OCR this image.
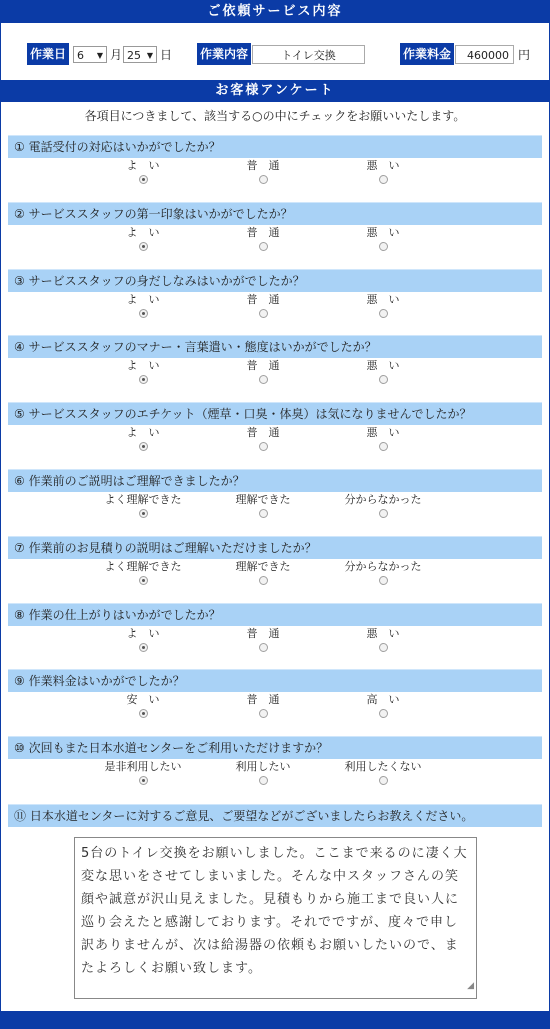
ご依頼サービス内容
作業日 6 ▼ 月 25 ▼ 日 作業内容	トイレ交換	作業料金	460000 円
お客様アンケート
各項目につきまして、該当する○の中にチェックをお願いいたします。
① 電話受付の対応はいかがでしたか？
よ　い	普　通	悪　い
② サービススタッフの第一印象はいかがでしたか？
よ　い	普　通	悪　い
③ サービススタッフの身だしなみはいかがでしたか？
よ　い	普　通	悪　い
④ サービススタッフのマナー・言葉遣い・態度はいかがでしたか？
よ　い	普　通	悪　い
⑤ サービススタッフのエチケット（煙草・口臭・体臭）は気になりませんでしたか？
よ　い	普　通	悪　い
⑥ 作業前のご説明はご理解できましたか？
よく理解できた	理解できた	分からなかった
⑦ 作業前のお見積りの説明はご理解いただけましたか？
よく理解できた	理解できた	分からなかった
⑧ 作業の仕上がりはいかがでしたか？
よ　い	普　通	悪　い
⑨ 作業料金はいかがでしたか？
安　い	普　通	高　い
⑩ 次回もまた日本水道センターをご利用いただけますか？
是非利用したい	利用したい	利用したくない
⑪ 日本水道センターに対するご意見、ご要望などがございましたらお教えください。
5台のトイレ交換をお願いしました。ここまで来るのに凄く大変な思いをさせてしまいました。そんな中スタッフさんの笑顔や誠意が沢山見えました。見積もりから施工まで良い人に巡り会えたと感謝しております。それでですが、度々で申し訳ありませんが、次は給湯器の依頼もお願いしたいので、またよろしくお願い致します。
◢
